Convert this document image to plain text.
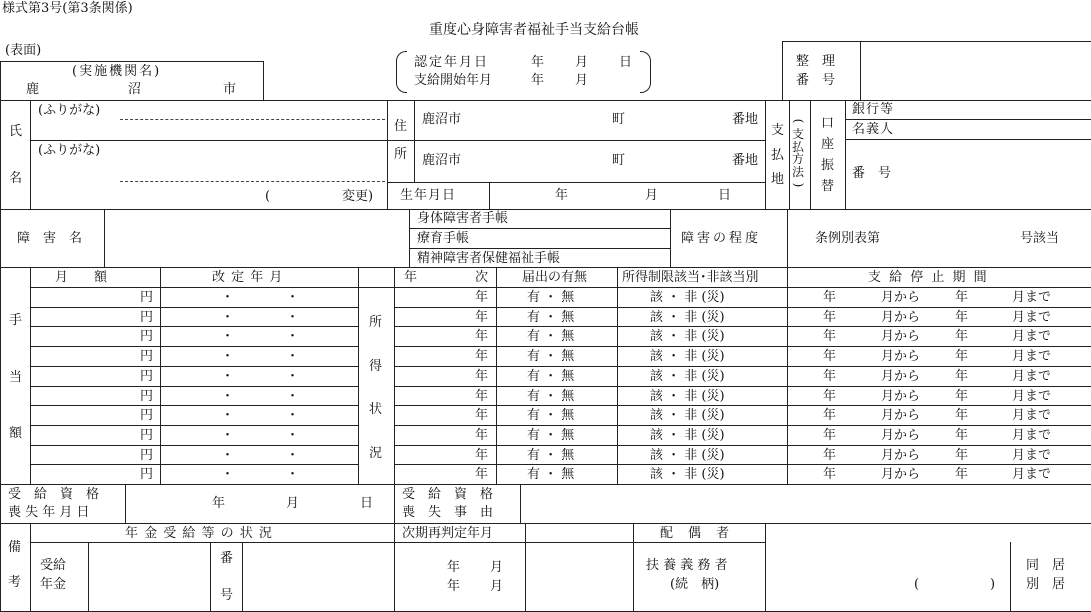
様式第3号(第3条関係)
重度心身障害者福祉手当支給台帳
(表面)
(実施機関名)
鹿	沼	市
認定年月日	年 月 日
支給開始年月	年 月
整　理
番　号
氏
名
(ふりがな)
(ふりがな)
(	変更)
住
所
鹿沼市	町	番地
鹿沼市	町	番地
生年月日	年	月	日
支
払
地
(
支
払
方
法
)
口
座
振
替
銀行等
名義人
番　号
障　害　名
身体障害者手帳
療育手帳
精神障害者保健福祉手帳
障害の程度	条例別表第	号該当
手
当
額
所
得
状
況
月　　額	改 定 年 月	年	次	届出の有無	所得制限該当･非該当別	支 給 停 止 期 間
円	・	・	年	有 ・ 無	該 ・ 非 (災)	年	月から	年	月まで
円	・	・	年	有 ・ 無	該 ・ 非 (災)	年	月から	年	月まで
円	・	・	年	有 ・ 無	該 ・ 非 (災)	年	月から	年	月まで
円	・	・	年	有 ・ 無	該 ・ 非 (災)	年	月から	年	月まで
円	・	・	年	有 ・ 無	該 ・ 非 (災)	年	月から	年	月まで
円	・	・	年	有 ・ 無	該 ・ 非 (災)	年	月から	年	月まで
円	・	・	年	有 ・ 無	該 ・ 非 (災)	年	月から	年	月まで
円	・	・	年	有 ・ 無	該 ・ 非 (災)	年	月から	年	月まで
円	・	・	年	有 ・ 無	該 ・ 非 (災)	年	月から	年	月まで
円	・	・	年	有 ・ 無	該 ・ 非 (災)	年	月から	年	月まで
受　給　資　格
喪 失 年 月 日
年	月	日
受　給　資　格
喪　失　事　由
備
考
年 金 受 給 等 の 状 況	次期再判定年月	配　偶　者
受給
年金
番
号
年 月
年 月
扶 養 義 務 者
(続　柄)	(	)
同　居
別　居
